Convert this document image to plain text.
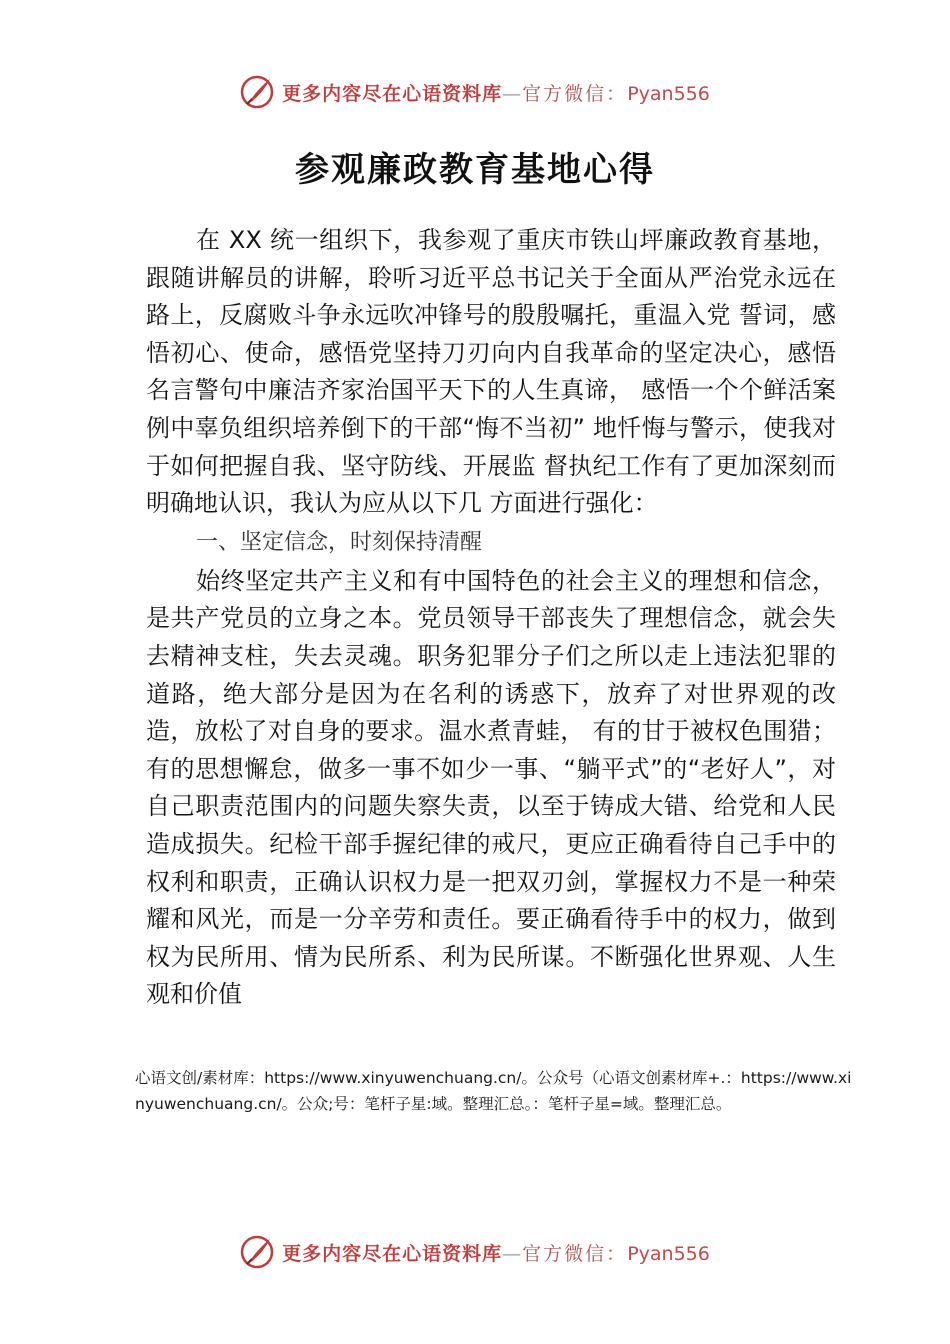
更多内容尽在心语资料库—官方微信：Pyan556
参观廉政教育基地心得

在 XX 统一组织下，我参观了重庆市铁山坪廉政教育基地，跟随讲解员的讲解，聆听习近平总书记关于全面从严治党永远在路上，反腐败斗争永远吹冲锋号的殷殷嘱托，重温入党 誓词，感悟初心、使命，感悟党坚持刀刃向内自我革命的坚定决心，感悟名言警句中廉洁齐家治国平天下的人生真谛， 感悟一个个鲜活案例中辜负组织培养倒下的干部“悔不当初” 地忏悔与警示，使我对于如何把握自我、坚守防线、开展监 督执纪工作有了更加深刻而明确地认识，我认为应从以下几 方面进行强化：

一、坚定信念，时刻保持清醒

始终坚定共产主义和有中国特色的社会主义的理想和信念，是共产党员的立身之本。党员领导干部丧失了理想信念，就会失去精神支柱，失去灵魂。职务犯罪分子们之所以走上违法犯罪的道路，绝大部分是因为在名利的诱惑下，放弃了对世界观的改造，放松了对自身的要求。温水煮青蛙， 有的甘于被权色围猎；有的思想懈怠，做多一事不如少一事、“躺平式”的“老好人”，对自己职责范围内的问题失察失责，以至于铸成大错、给党和人民造成损失。纪检干部手握纪律的戒尺，更应正确看待自己手中的权利和职责，正确认识权力是一把双刃剑，掌握权力不是一种荣耀和风光，而是一分辛劳和责任。要正确看待手中的权力，做到权为民所用、情为民所系、利为民所谋。不断强化世界观、人生观和价值

心语文创/素材库：https://www.xinyuwenchuang.cn/。公众号（心语文创素材库+.：https://www.xinyuwenchuang.cn/。公众;号：笔杆子星:域。整理汇总。：笔杆子星=域。整理汇总。
更多内容尽在心语资料库—官方微信：Pyan556
